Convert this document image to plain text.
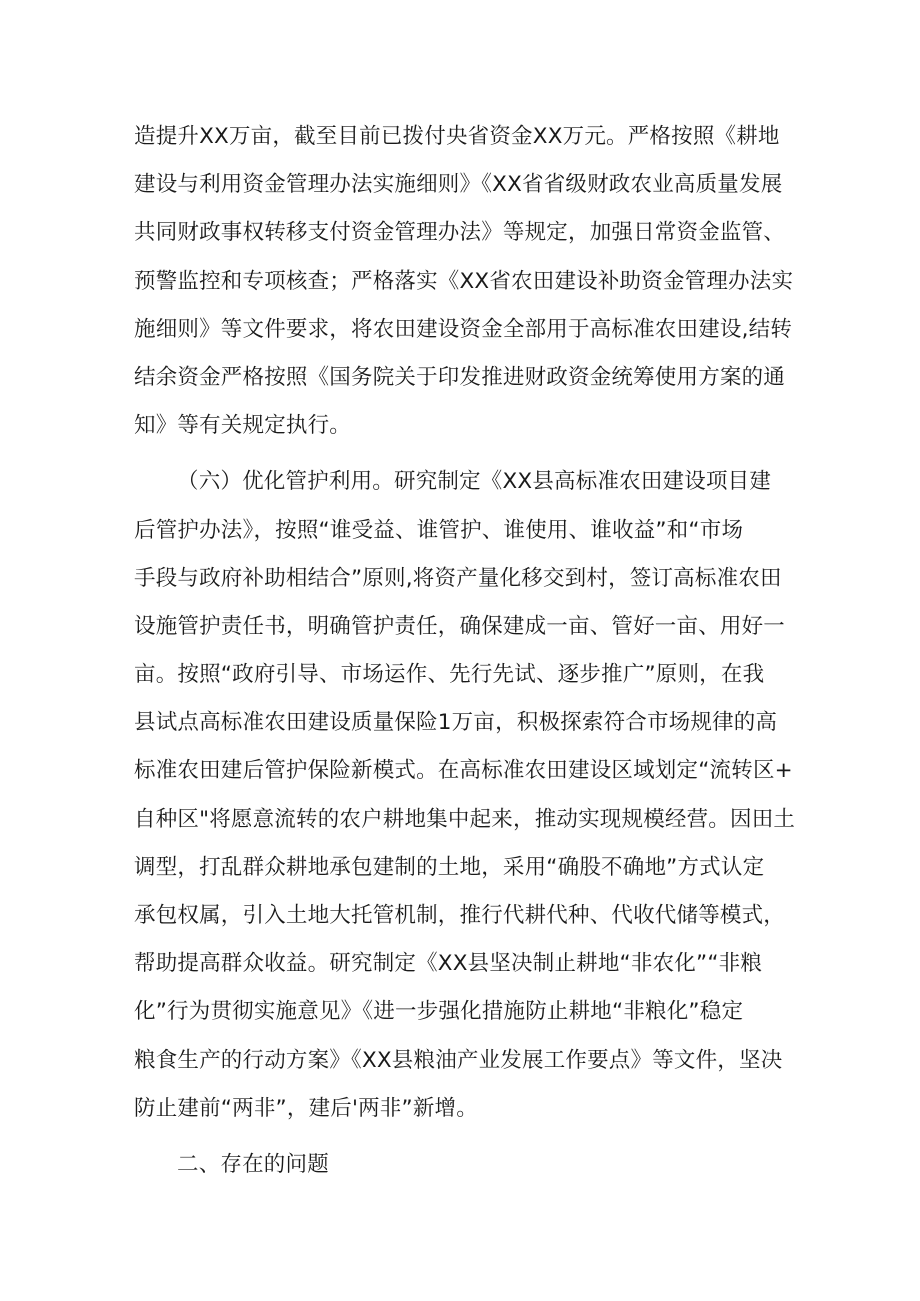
造提升XX万亩，截至目前已拨付央省资金XX万元。严格按照《耕地
建设与利用资金管理办法实施细则》《XX省省级财政农业高质量发展
共同财政事权转移支付资金管理办法》等规定，加强日常资金监管、
预警监控和专项核查；严格落实《XX省农田建设补助资金管理办法实
施细则》等文件要求，将农田建设资金全部用于高标准农田建设,结转
结余资金严格按照《国务院关于印发推进财政资金统筹使用方案的通
知》等有关规定执行。
（六）优化管护利用。研究制定《XX县高标准农田建设项目建
后管护办法》，按照“谁受益、谁管护、谁使用、谁收益”和“市场
手段与政府补助相结合”原则,将资产量化移交到村，签订高标准农田
设施管护责任书，明确管护责任，确保建成一亩、管好一亩、用好一
亩。按照“政府引导、市场运作、先行先试、逐步推广”原则，在我
县试点高标准农田建设质量保险1万亩，积极探索符合市场规律的高
标准农田建后管护保险新模式。在高标准农田建设区域划定“流转区+
自种区"将愿意流转的农户耕地集中起来，推动实现规模经营。因田土
调型，打乱群众耕地承包建制的土地，采用“确股不确地”方式认定
承包权属，引入土地大托管机制，推行代耕代种、代收代储等模式，
帮助提高群众收益。研究制定《XX县坚决制止耕地“非农化”“非粮
化”行为贯彻实施意见》《进一步强化措施防止耕地“非粮化”稳定
粮食生产的行动方案》《XX县粮油产业发展工作要点》等文件，坚决
防止建前“两非”，建后'两非”新增。
二、存在的问题
